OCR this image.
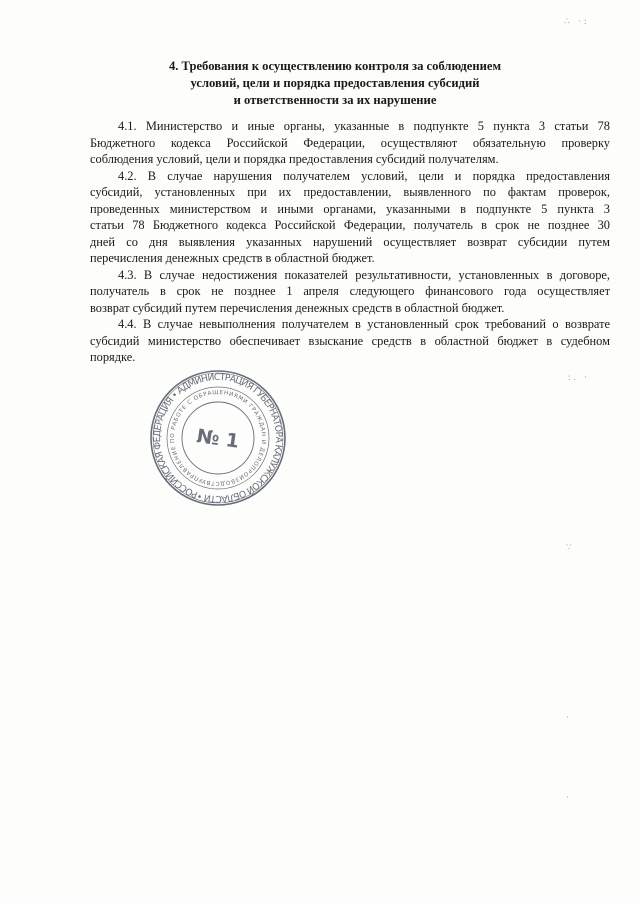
4. Требования к осуществлению контроля за соблюдением
условий, цели и порядка предоставления субсидий
и ответственности за их нарушение

4.1. Министерство и иные органы, указанные в подпункте 5 пункта 3 статьи 78
Бюджетного кодекса Российской Федерации, осуществляют обязательную проверку
соблюдения условий, цели и порядка предоставления субсидий получателям.

4.2. В случае нарушения получателем условий, цели и порядка предоставления
субсидий, установленных при их предоставлении, выявленного по фактам проверок,
проведенных министерством и иными органами, указанными в подпункте 5 пункта 3
статьи 78 Бюджетного кодекса Российской Федерации, получатель в срок не позднее 30
дней со дня выявления указанных нарушений осуществляет возврат субсидии путем
перечисления денежных средств в областной бюджет.

4.3. В случае недостижения показателей результативности, установленных в договоре,
получатель в срок не позднее 1 апреля следующего финансового года осуществляет
возврат субсидий путем перечисления денежных средств в областной бюджет.

4.4. В случае невыполнения получателем в установленный срок требований о возврате
субсидий министерство обеспечивает взыскание средств в областной бюджет в судебном
порядке.

РОССИЙСКАЯ ФЕДЕРАЦИЯ • АДМИНИСТРАЦИЯ ГУБЕРНАТОРА КАЛУЖСКОЙ ОБЛАСТИ •
УПРАВЛЕНИЕ ПО РАБОТЕ С ОБРАЩЕНИЯМИ ГРАЖДАН И ДЕЛОПРОИЗВОДСТВУ
№ 1
∴ ·:
:. ·
∵
·
·
